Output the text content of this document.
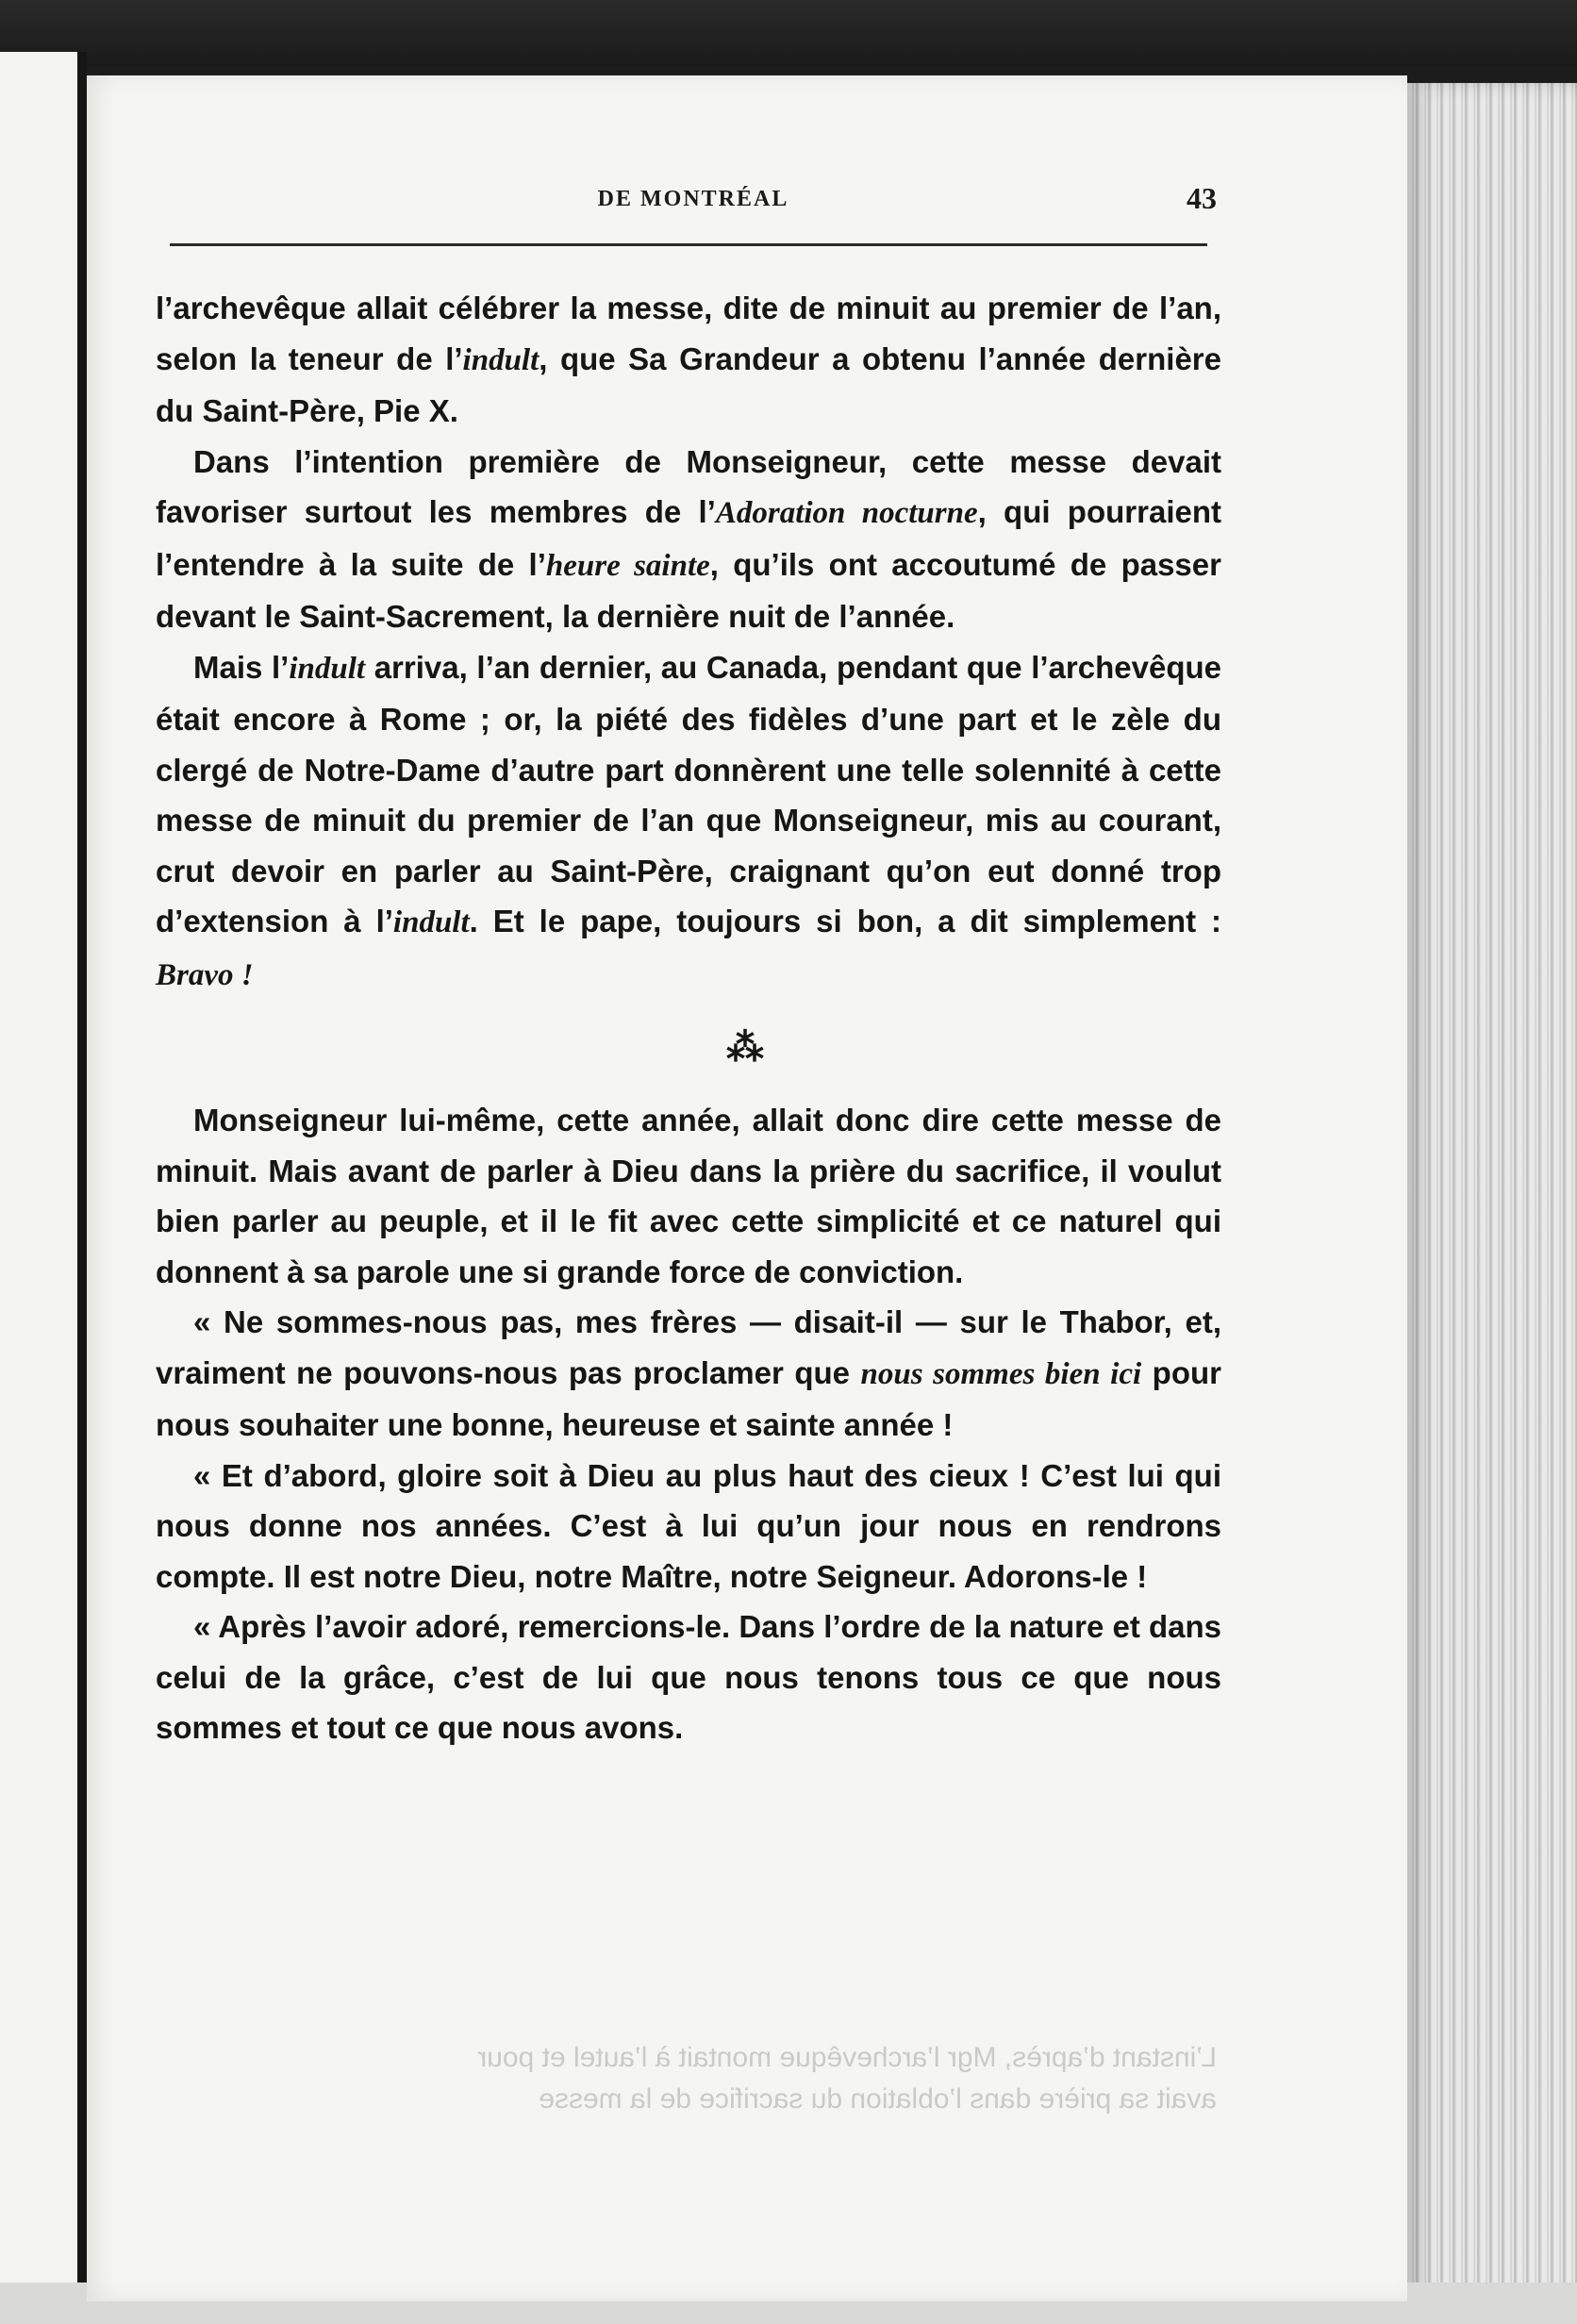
DE MONTRÉAL	43

l’archevêque allait célébrer la messe, dite de minuit au premier de l’an, selon la teneur de l’indult, que Sa Grandeur a obtenu l’année dernière du Saint-Père, Pie X.

Dans l’intention première de Monseigneur, cette messe devait favoriser surtout les membres de l’Adoration nocturne, qui pourraient l’entendre à la suite de l’heure sainte, qu’ils ont accoutumé de passer devant le Saint-Sacrement, la dernière nuit de l’année.

Mais l’indult arriva, l’an dernier, au Canada, pendant que l’archevêque était encore à Rome ; or, la piété des fidèles d’une part et le zèle du clergé de Notre-Dame d’autre part donnèrent une telle solennité à cette messe de minuit du premier de l’an que Monseigneur, mis au courant, crut devoir en parler au Saint-Père, craignant qu’on eut donné trop d’extension à l’indult. Et le pape, toujours si bon, a dit simplement : Bravo !

⁂

Monseigneur lui-même, cette année, allait donc dire cette messe de minuit. Mais avant de parler à Dieu dans la prière du sacrifice, il voulut bien parler au peuple, et il le fit avec cette simplicité et ce naturel qui donnent à sa parole une si grande force de conviction.

« Ne sommes-nous pas, mes frères — disait-il — sur le Thabor, et, vraiment ne pouvons-nous pas proclamer que nous sommes bien ici pour nous souhaiter une bonne, heureuse et sainte année !

« Et d’abord, gloire soit à Dieu au plus haut des cieux ! C’est lui qui nous donne nos années. C’est à lui qu’un jour nous en rendrons compte. Il est notre Dieu, notre Maître, notre Seigneur. Adorons-le !

« Après l’avoir adoré, remercions-le. Dans l’ordre de la nature et dans celui de la grâce, c’est de lui que nous tenons tous ce que nous sommes et tout ce que nous avons.

L’instant d’après, Mgr l’archevêque montait à l’autel et pour
avait sa prière dans l’oblation du sacrifice de la messe
